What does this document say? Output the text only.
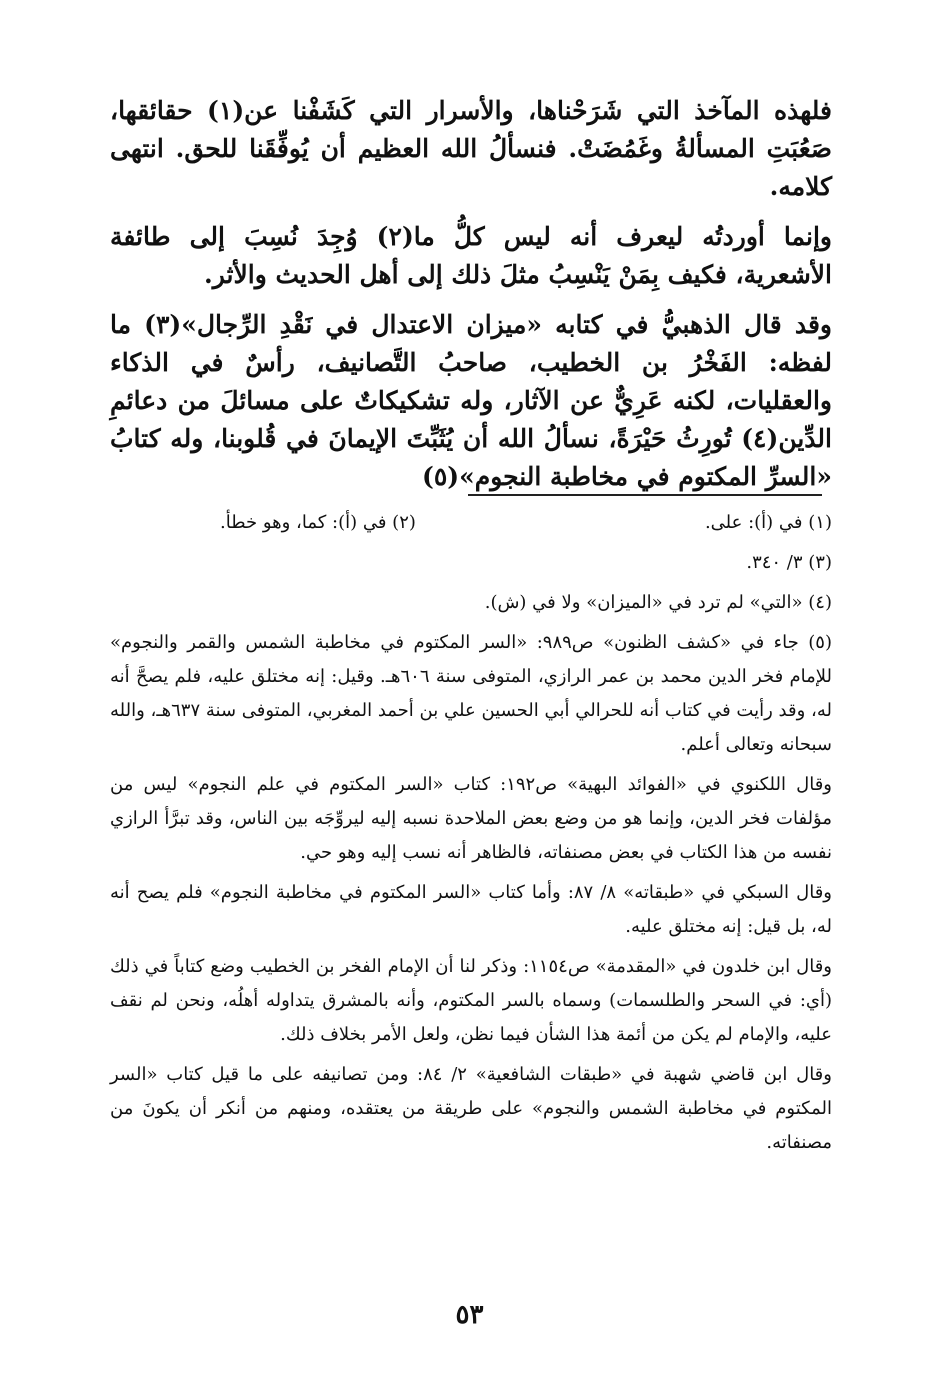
فلهذه المآخذ التي شَرَحْناها، والأسرار التي كَشَفْنا عن(١) حقائقها، صَعُبَتِ المسألةُ وغَمُضَتْ. فنسألُ الله العظيم أن يُوفِّقَنا للحق. انتهى كلامه.

وإنما أوردتُه ليعرف أنه ليس كلُّ ما(٢) وُجِدَ نُسِبَ إلى طائفة الأشعرية، فكيف بِمَنْ يَنْسِبُ مثلَ ذلك إلى أهل الحديث والأثر.

وقد قال الذهبيُّ في كتابه «ميزان الاعتدال في نَقْدِ الرِّجال»(٣) ما لفظه: الفَخْرُ بن الخطيب، صاحبُ التَّصانيف، رأسٌ في الذكاء والعقليات، لكنه عَرِيٌّ عن الآثار، وله تشكيكاتٌ على مسائلَ من دعائمِ الدِّين(٤) تُورِثُ حَيْرَةً، نسألُ الله أن يُثَبِّتَ الإيمانَ في قُلوبنا، وله كتابُ «السرِّ المكتوم في مخاطبة النجوم»(٥)

(١) في (أ): على.
(٢) في (أ): كما، وهو خطأ.

(٣) ٣/ ٣٤٠.

(٤) «التي» لم ترد في «الميزان» ولا في (ش).

(٥) جاء في «كشف الظنون» ص٩٨٩: «السر المكتوم في مخاطبة الشمس والقمر والنجوم» للإمام فخر الدين محمد بن عمر الرازي، المتوفى سنة ٦٠٦هـ. وقيل: إنه مختلق عليه، فلم يصحَّ أنه له، وقد رأيت في كتاب أنه للحرالي أبي الحسين علي بن أحمد المغربي، المتوفى سنة ٦٣٧هـ، والله سبحانه وتعالى أعلم.

وقال اللكنوي في «الفوائد البهية» ص١٩٢: كتاب «السر المكتوم في علم النجوم» ليس من مؤلفات فخر الدين، وإنما هو من وضع بعض الملاحدة نسبه إليه ليروِّجَه بين الناس، وقد تبرَّأ الرازي نفسه من هذا الكتاب في بعض مصنفاته، فالظاهر أنه نسب إليه وهو حي.

وقال السبكي في «طبقاته» ٨/ ٨٧: وأما كتاب «السر المكتوم في مخاطبة النجوم» فلم يصح أنه له، بل قيل: إنه مختلق عليه.

وقال ابن خلدون في «المقدمة» ص١١٥٤: وذكر لنا أن الإمام الفخر بن الخطيب وضع كتاباً في ذلك (أي: في السحر والطلسمات) وسماه بالسر المكتوم، وأنه بالمشرق يتداوله أهلُه، ونحن لم نقف عليه، والإمام لم يكن من أئمة هذا الشأن فيما نظن، ولعل الأمر بخلاف ذلك.

وقال ابن قاضي شهبة في «طبقات الشافعية» ٢/ ٨٤: ومن تصانيفه على ما قيل كتاب «السر المكتوم في مخاطبة الشمس والنجوم» على طريقة من يعتقده، ومنهم من أنكر أن يكونَ من مصنفاته.

٥٣
